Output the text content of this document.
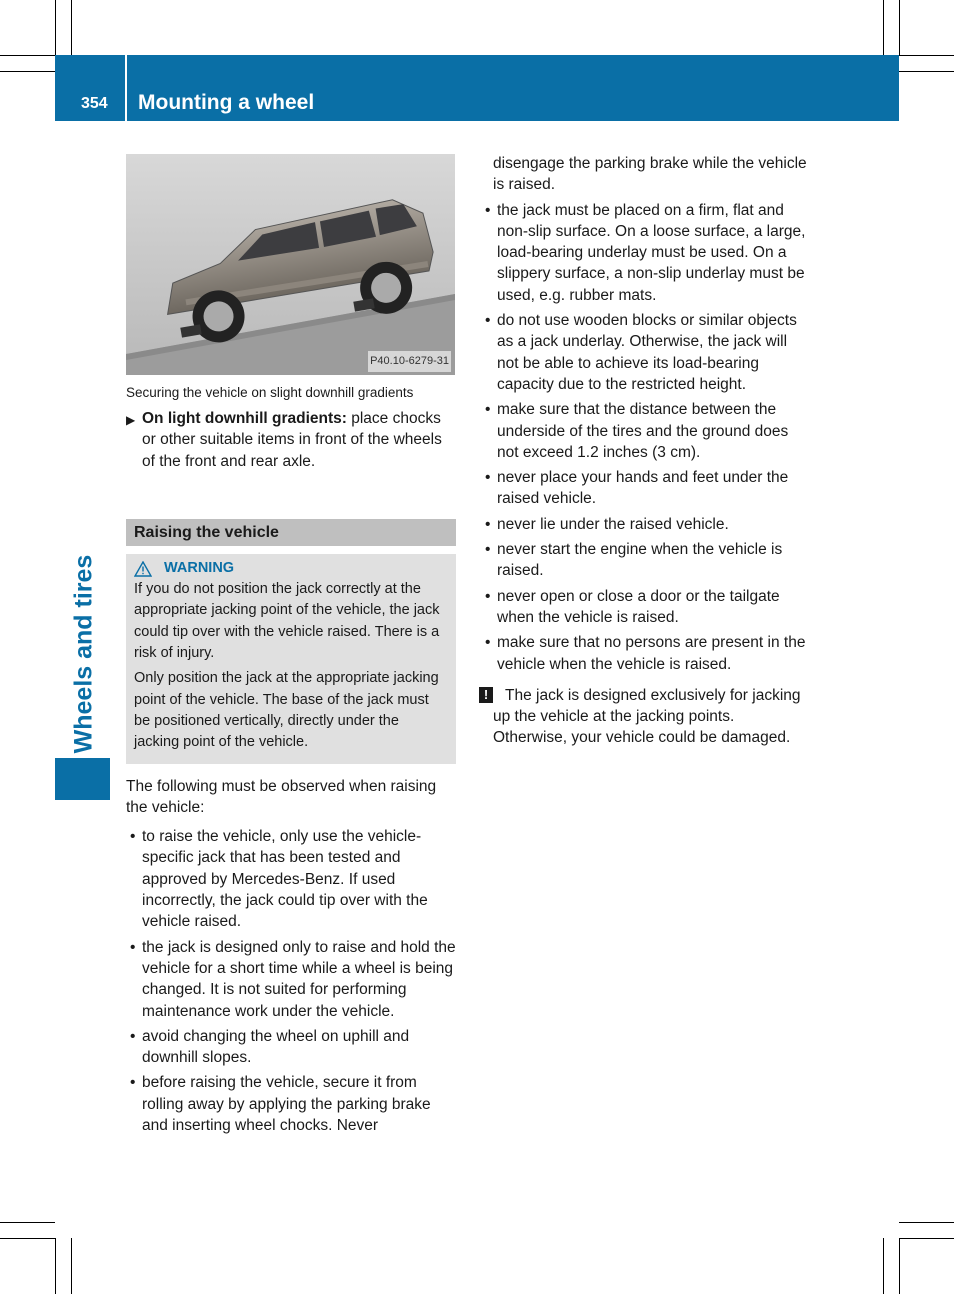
354 Mounting a wheel
Wheels and tires
P40.10-6279-31
Securing the vehicle on slight downhill gradients
▶ On light downhill gradients: place chocks or other suitable items in front of the wheels of the front and rear axle.
Raising the vehicle
WARNING

If you do not position the jack correctly at the appropriate jacking point of the vehicle, the jack could tip over with the vehicle raised. There is a risk of injury.

Only position the jack at the appropriate jacking point of the vehicle. The base of the jack must be positioned vertically, directly under the jacking point of the vehicle.

The following must be observed when raising the vehicle:
• to raise the vehicle, only use the vehicle-specific jack that has been tested and approved by Mercedes-Benz. If used incorrectly, the jack could tip over with the vehicle raised.
• the jack is designed only to raise and hold the vehicle for a short time while a wheel is being changed. It is not suited for performing maintenance work under the vehicle.
• avoid changing the wheel on uphill and downhill slopes.
• before raising the vehicle, secure it from rolling away by applying the parking brake and inserting wheel chocks. Never
disengage the parking brake while the vehicle is raised.
• the jack must be placed on a firm, flat and non-slip surface. On a loose surface, a large, load-bearing underlay must be used. On a slippery surface, a non-slip underlay must be used, e.g. rubber mats.
• do not use wooden blocks or similar objects as a jack underlay. Otherwise, the jack will not be able to achieve its load-bearing capacity due to the restricted height.
• make sure that the distance between the underside of the tires and the ground does not exceed 1.2 inches (3 cm).
• never place your hands and feet under the raised vehicle.
• never lie under the raised vehicle.
• never start the engine when the vehicle is raised.
• never open or close a door or the tailgate when the vehicle is raised.
• make sure that no persons are present in the vehicle when the vehicle is raised.
!	The jack is designed exclusively for jacking up the vehicle at the jacking points. Otherwise, your vehicle could be damaged.
